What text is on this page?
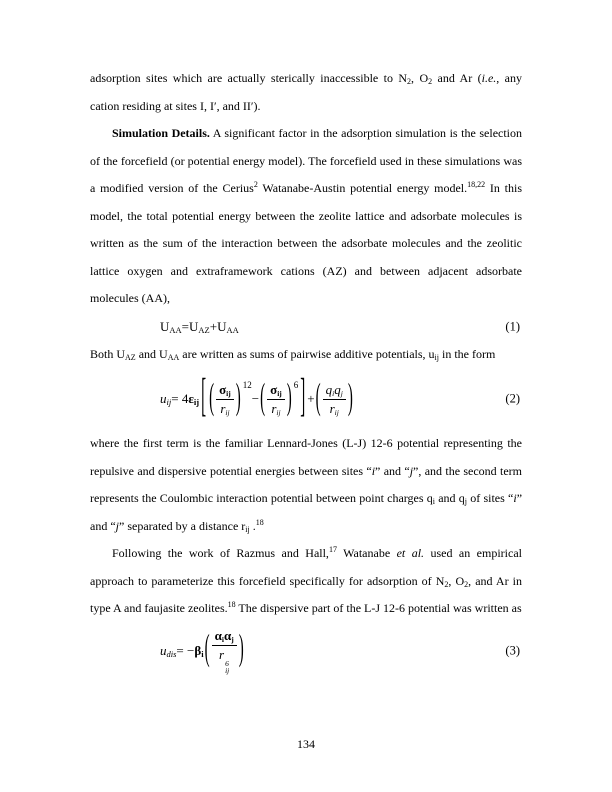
adsorption sites which are actually sterically inaccessible to $N_2$, $O_2$ and Ar (i.e., any cation residing at sites I, I′, and II′).

Simulation Details. A significant factor in the adsorption simulation is the selection of the forcefield (or potential energy model). The forcefield used in these simulations was a modified version of the Cerius$^2$ Watanabe-Austin potential energy model.$^{18,22}$ In this model, the total potential energy between the zeolite lattice and adsorbate molecules is written as the sum of the interaction between the adsorbate molecules and the zeolitic lattice oxygen and extraframework cations (AZ) and between adjacent adsorbate molecules (AA),

$U_{AA} = U_{AZ} + U_{AA}$	(1)

Both $U_{AZ}$ and $U_{AA}$ are written as sums of pairwise additive potentials, $u_{ij}$ in the form

$u_{ij} = 4$ $\varepsilon_{ij}$ [ ( $\frac{\sigma_{ij}}{r_{ij}}$ ) 12
− ( $\frac{\sigma_{ij}}{r_{ij}}$ ) 6 ] + ( $\frac{q_iq_j}{r_{ij}}$ )	(2)

where the first term is the familiar Lennard-Jones (L-J) 12-6 potential representing the repulsive and dispersive potential energies between sites “i” and “j”, and the second term represents the Coulombic interaction potential between point charges $q_i$ and $q_j$ of sites “i” and “j” separated by a distance $r_{ij}$ .$^{18}$

Following the work of Razmus and Hall,$^{17}$ Watanabe et al. used an empirical approach to parameterize this forcefield specifically for adsorption of $N_2$, $O_2$, and Ar in type A and faujasite zeolites.$^{18}$ The dispersive part of the L-J 12-6 potential was written as

$u_{dis}$ = − $\beta_i$ ( $\alpha_i\alpha_j$
r
6
ij )	(3)
134
